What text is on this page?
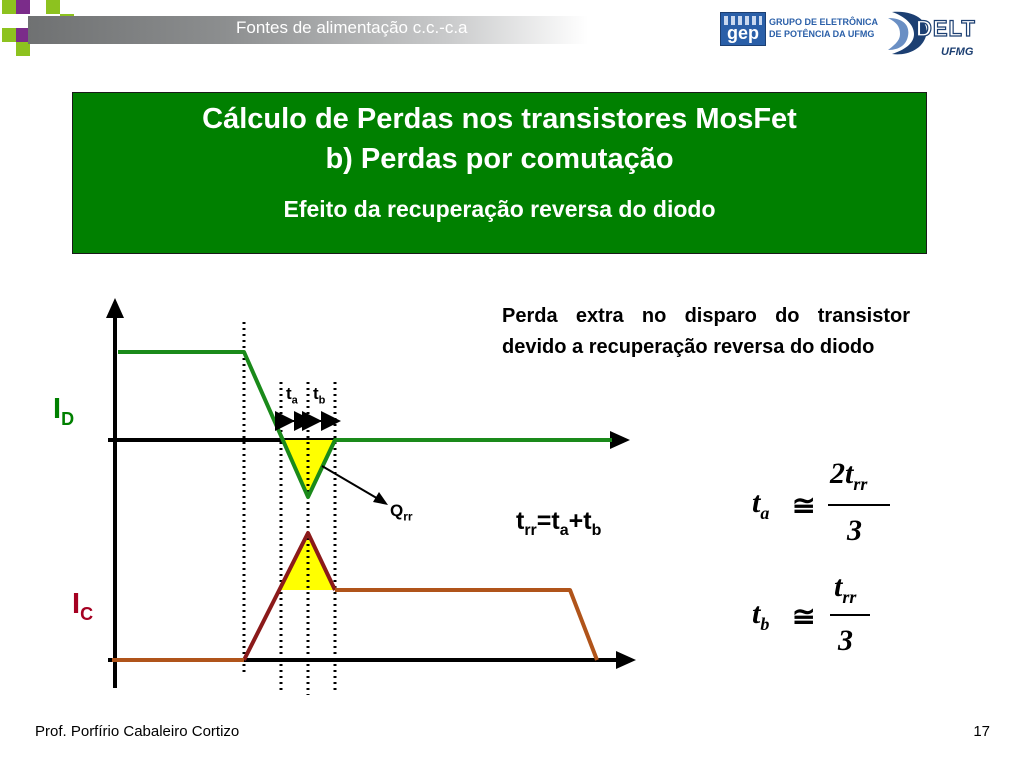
Fontes de alimentação c.c.-c.a	gep
GRUPO DE ELETRÔNICA
DE POTÊNCIA DA UFMG DELT
UFMG
Cálculo de Perdas nos transistores MosFet
b) Perdas por comutação
Efeito da recuperação reversa do diodo
$I_D$
$I_C$
$t_a$ $t_b$
$Q_{rr}$
Perda extra no disparo do transistor devido a recuperação reversa do diodo
$t_{rr}=t_a+t_b$
$t_a$ ≅
$2t_{rr}$
3
$t_b$ ≅
$t_{rr}$
3
Prof. Porfírio Cabaleiro Cortizo	17
